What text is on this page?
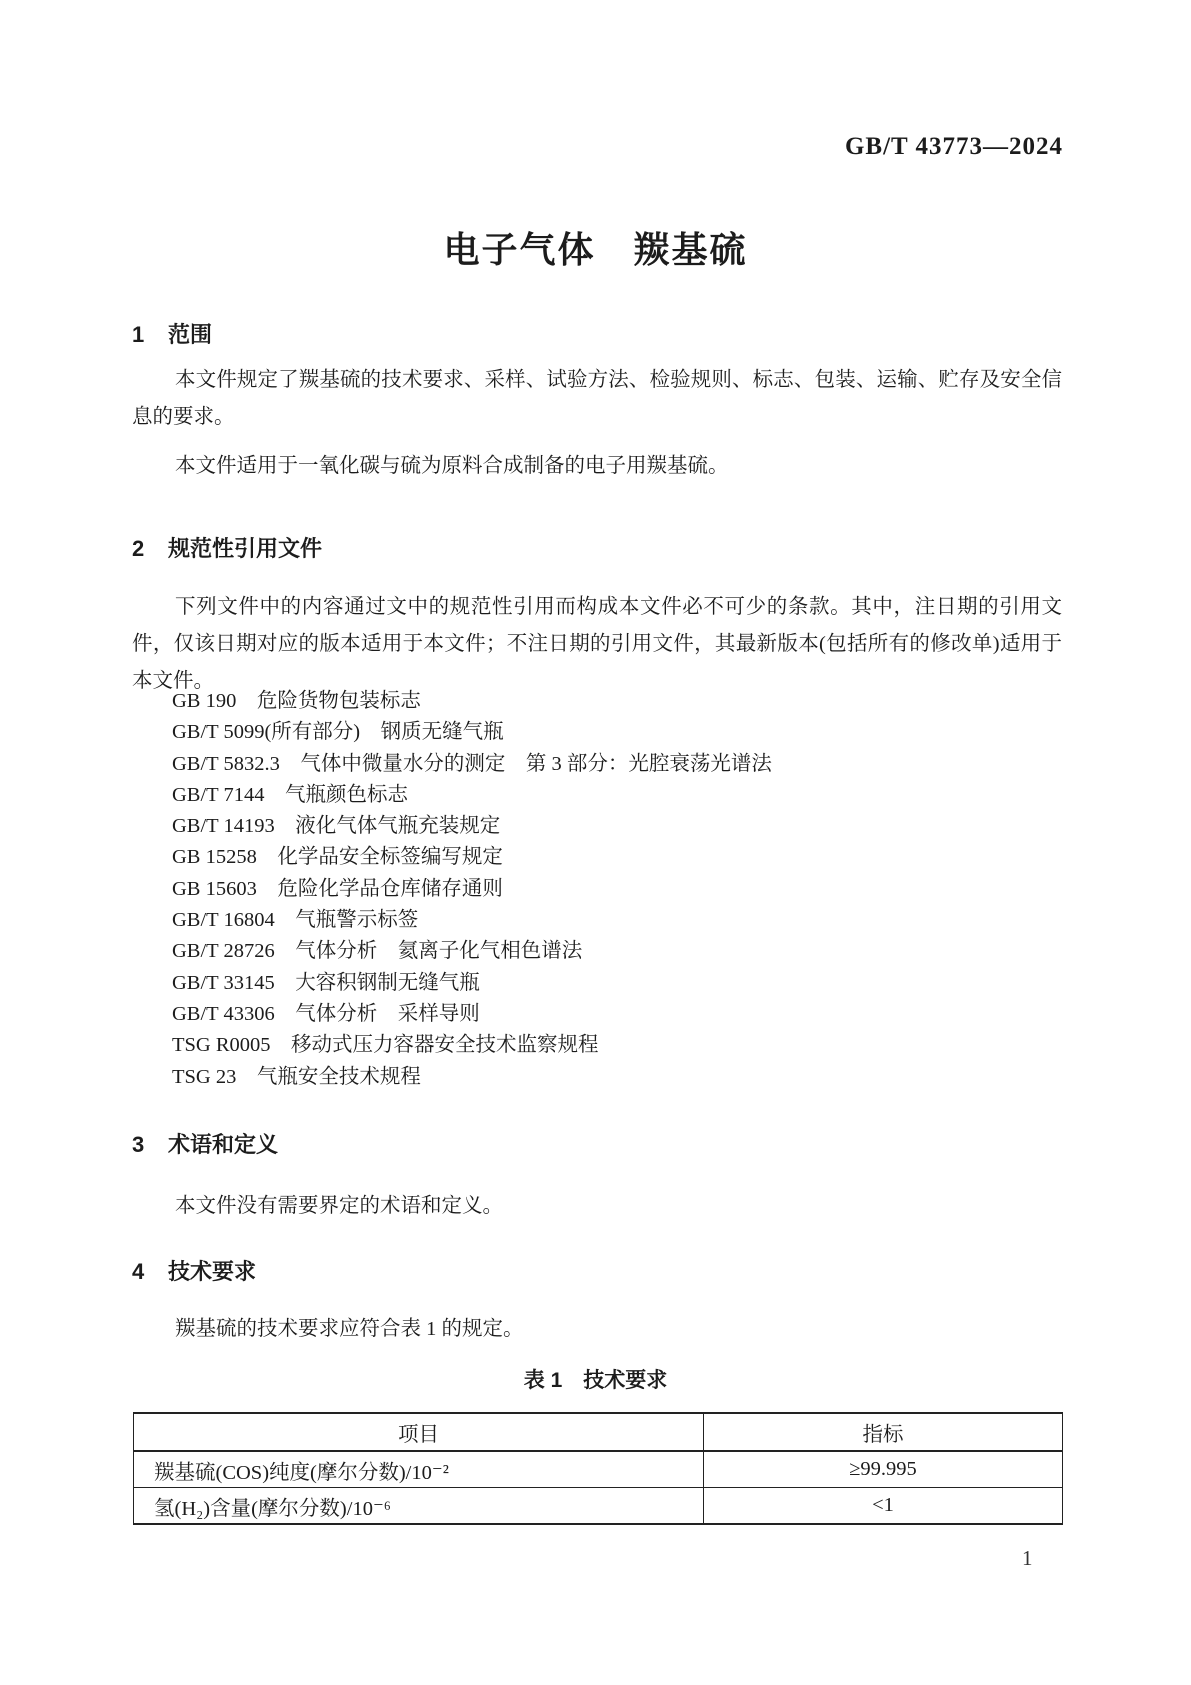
GB/T 43773—2024
电子气体　羰基硫
1 范围

本文件规定了羰基硫的技术要求、采样、试验方法、检验规则、标志、包装、运输、贮存及安全信息的要求。

本文件适用于一氧化碳与硫为原料合成制备的电子用羰基硫。

2 规范性引用文件

下列文件中的内容通过文中的规范性引用而构成本文件必不可少的条款。其中，注日期的引用文件，仅该日期对应的版本适用于本文件；不注日期的引用文件，其最新版本(包括所有的修改单)适用于本文件。

GB 190　危险货物包装标志
GB/T 5099(所有部分)　钢质无缝气瓶
GB/T 5832.3　气体中微量水分的测定　第 3 部分：光腔衰荡光谱法
GB/T 7144　气瓶颜色标志
GB/T 14193　液化气体气瓶充装规定
GB 15258　化学品安全标签编写规定
GB 15603　危险化学品仓库储存通则
GB/T 16804　气瓶警示标签
GB/T 28726　气体分析　氦离子化气相色谱法
GB/T 33145　大容积钢制无缝气瓶
GB/T 43306　气体分析　采样导则
TSG R0005　移动式压力容器安全技术监察规程
TSG 23　气瓶安全技术规程
3 术语和定义

本文件没有需要界定的术语和定义。

4 技术要求

羰基硫的技术要求应符合表 1 的规定。

表 1　技术要求
项目	指标
羰基硫(COS)纯度(摩尔分数)/10⁻²	≥99.995
氢(H₂)含量(摩尔分数)/10⁻⁶	<1
1
